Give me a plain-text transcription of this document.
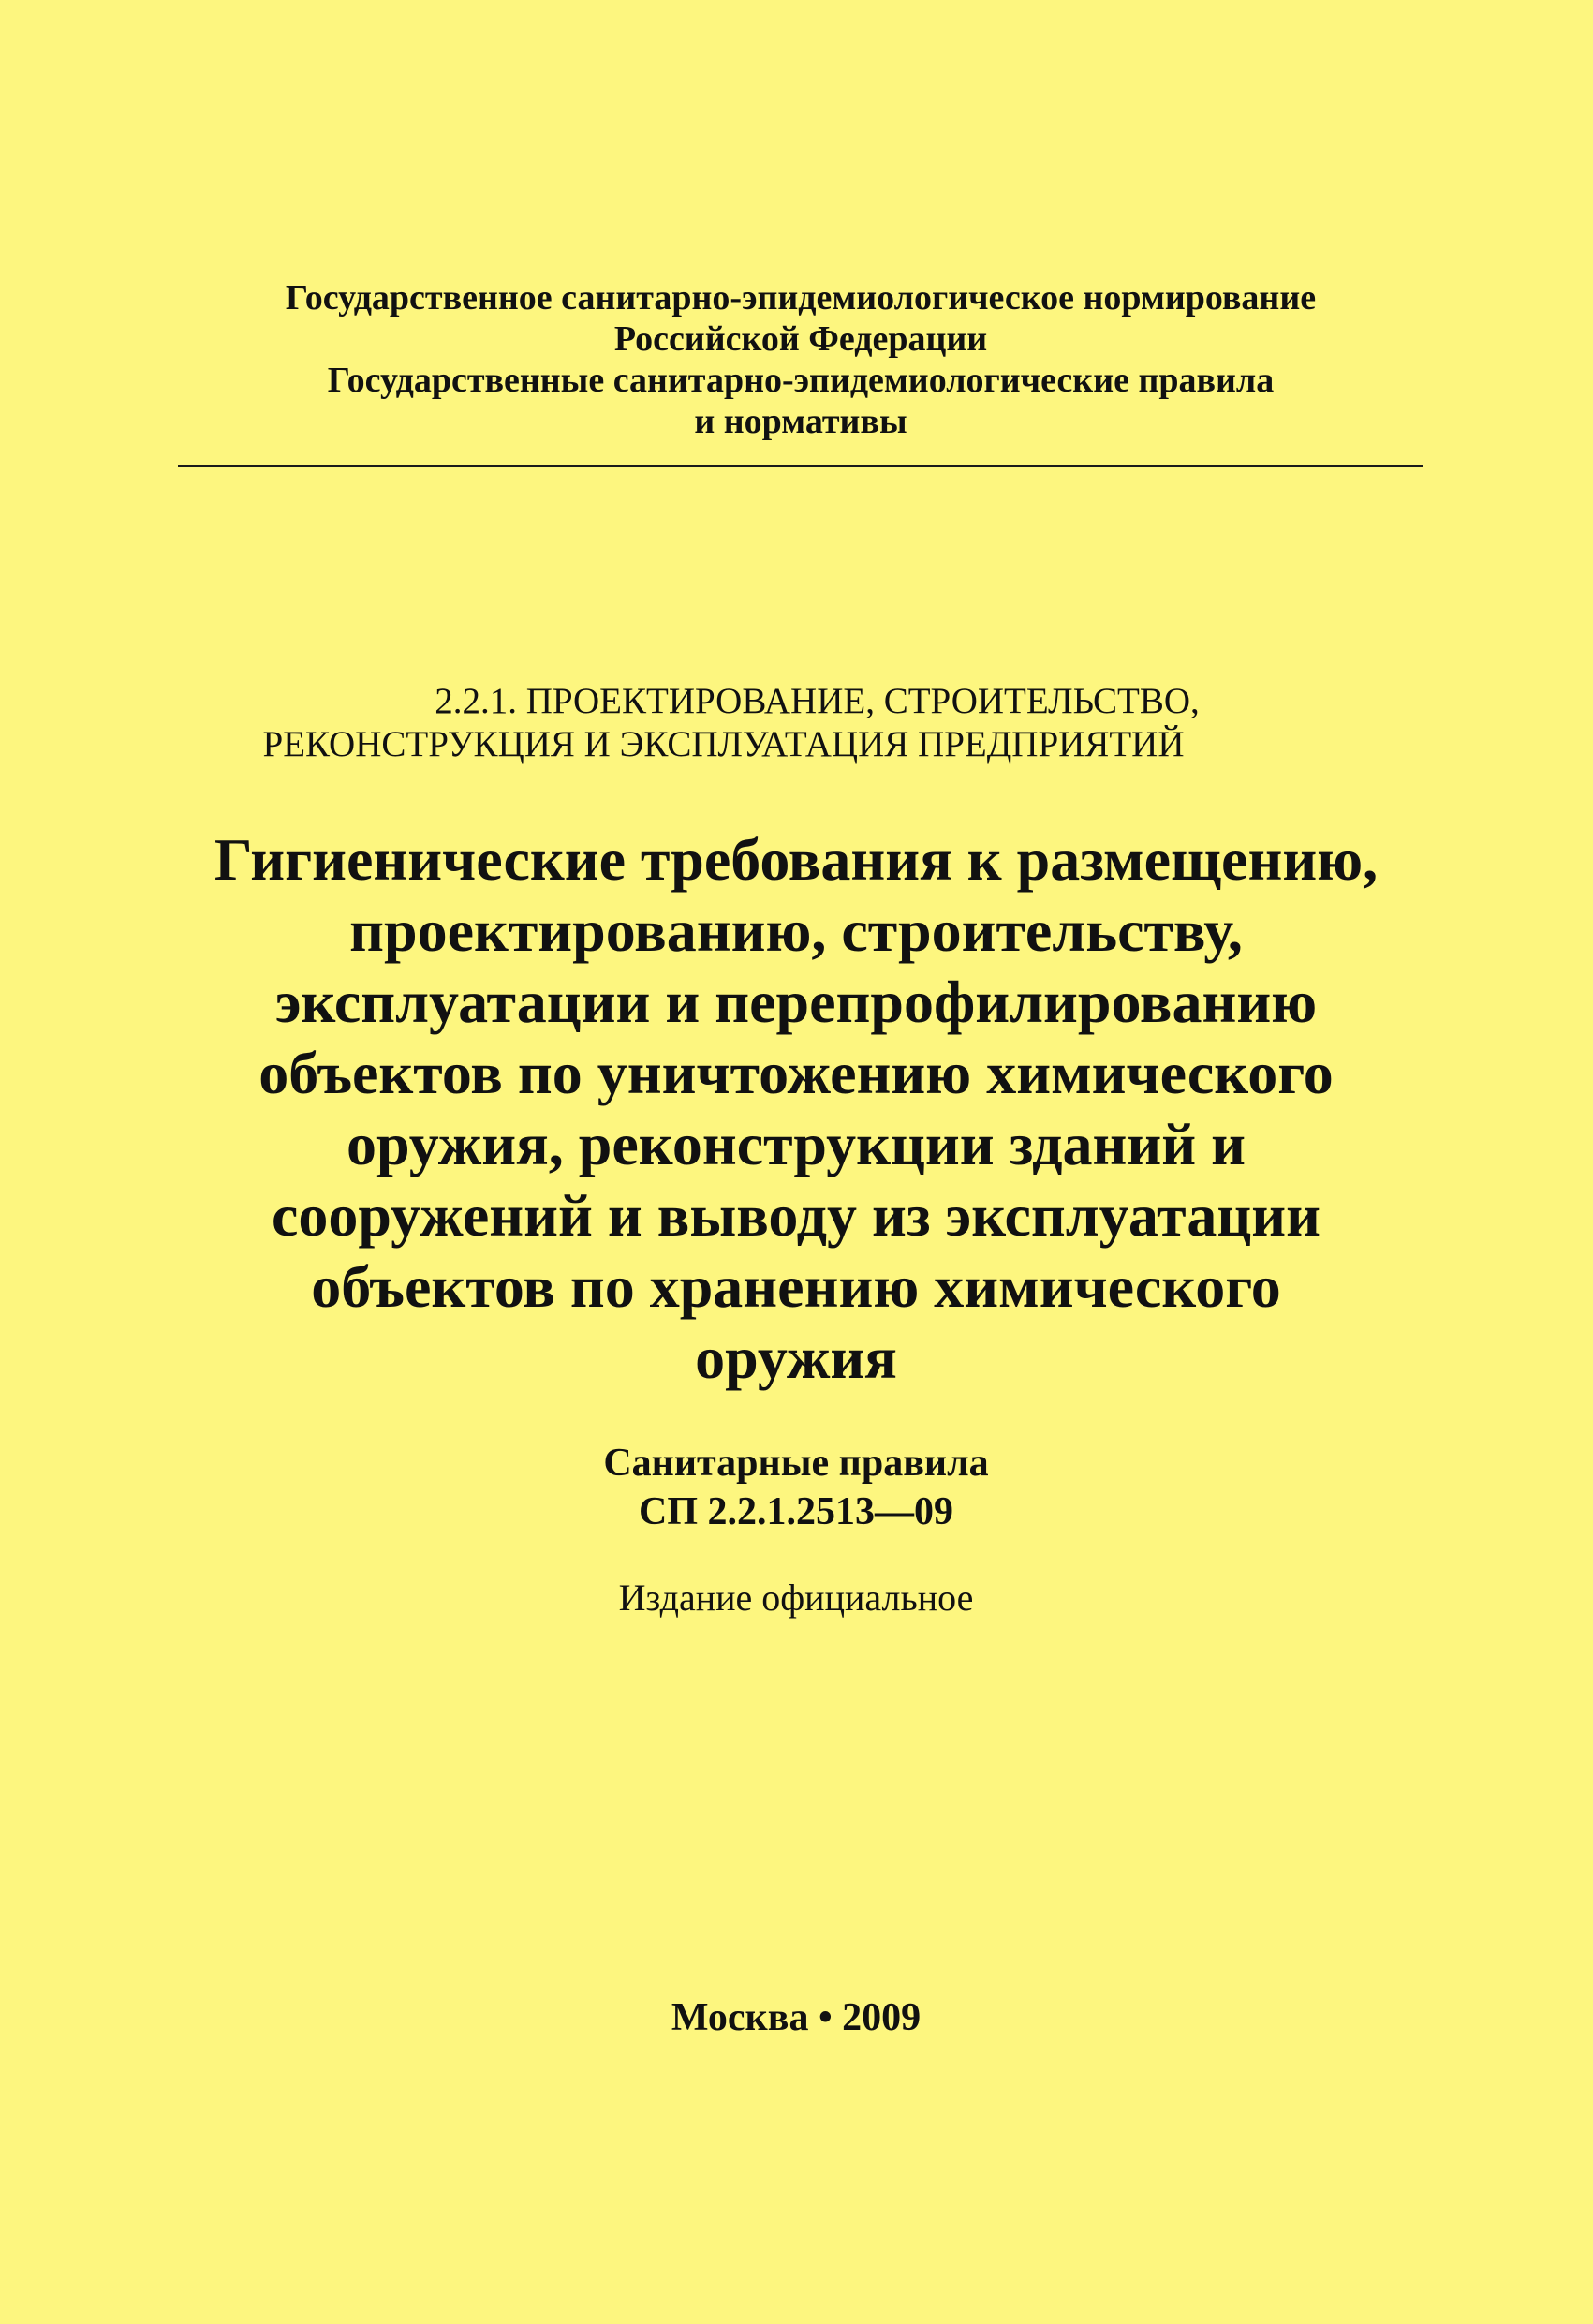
Государственное санитарно-эпидемиологическое нормирование
Российской Федерации
Государственные санитарно-эпидемиологические правила
и нормативы
2.2.1. ПРОЕКТИРОВАНИЕ, СТРОИТЕЛЬСТВО,
РЕКОНСТРУКЦИЯ И ЭКСПЛУАТАЦИЯ ПРЕДПРИЯТИЙ
Гигиенические требования к размещению,
проектированию, строительству,
эксплуатации и перепрофилированию
объектов по уничтожению химического
оружия, реконструкции зданий и
сооружений и выводу из эксплуатации
объектов по хранению химического
оружия
Санитарные правила
СП 2.2.1.2513—09
Издание официальное
Москва • 2009
